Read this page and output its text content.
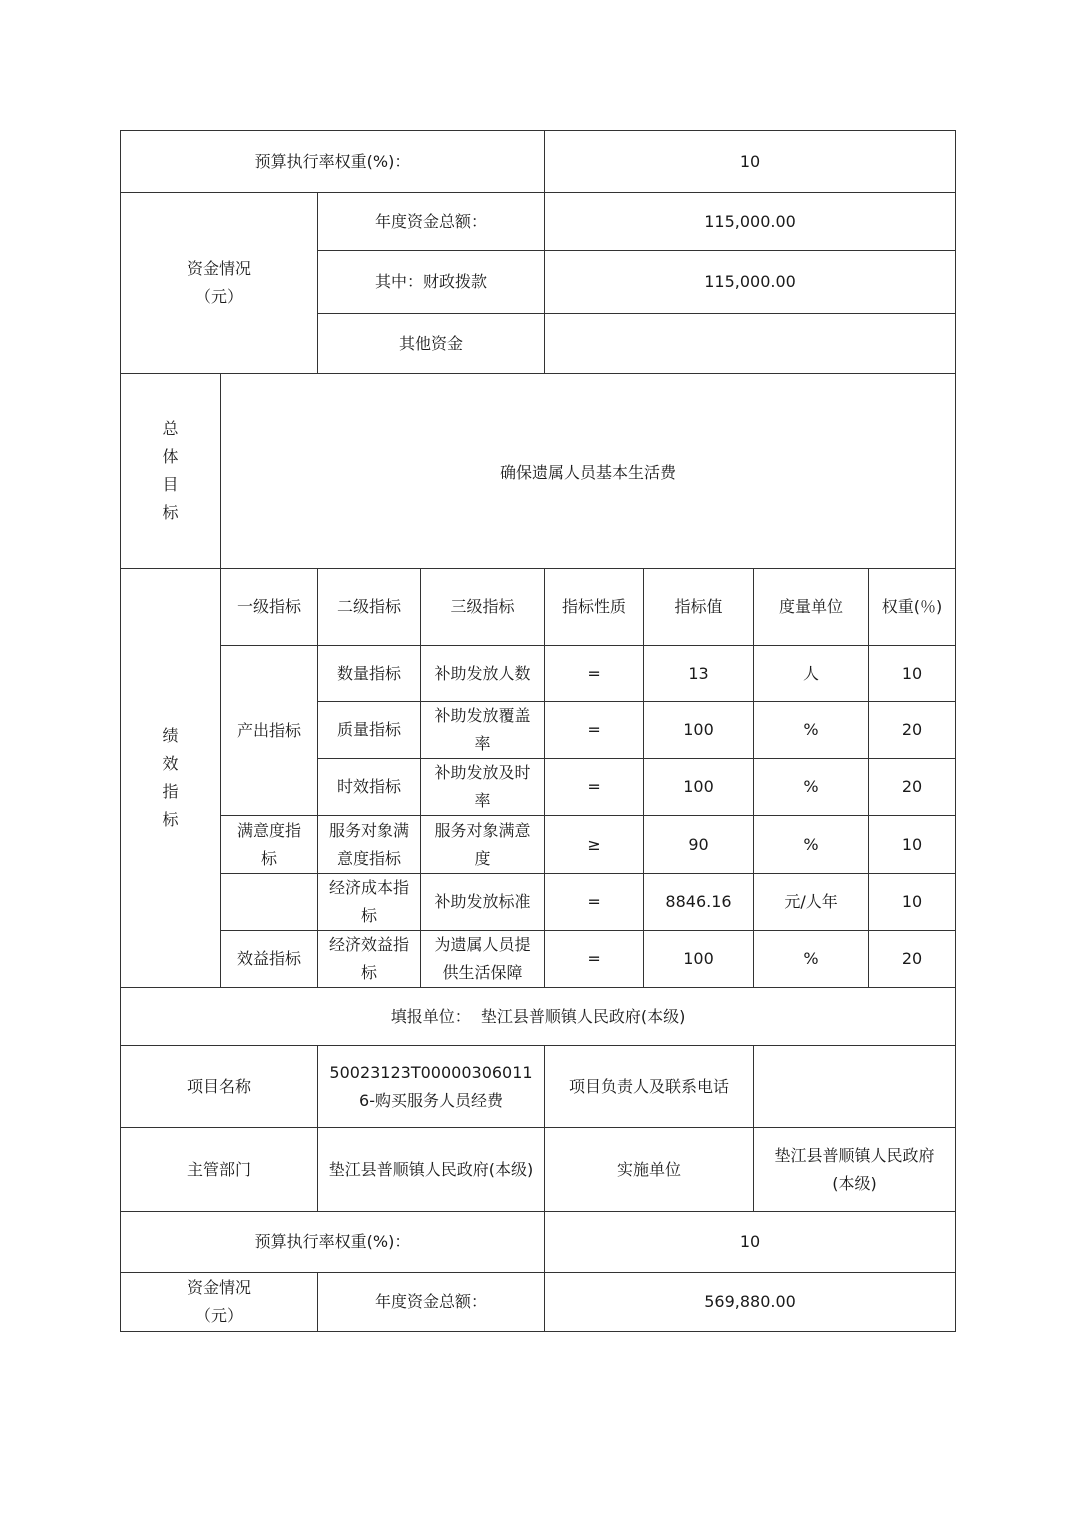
预算执行率权重(%)：				10			

资金情况
（元）		年度资金总额：		115,000.00			
		其中：财政拨款		115,000.00			
		其他资金					

总
体
目
标	确保遗属人员基本生活费						

绩
效
指
标	一级指标	二级指标	三级指标	指标性质	指标值	度量单位	权重(％)
	产出指标	数量指标	补助发放人数	=	13	人	10
		质量指标	补助发放覆盖率	=	100	%	20
		时效指标	补助发放及时率	=	100	%	20
	满意度指标	服务对象满意度指标	服务对象满意度	≥	90	%	10
		经济成本指标	补助发放标准	=	8846.16	元/人年	10
	效益指标	经济效益指标	为遗属人员提供生活保障	=	100	%	20
填报单位： 垫江县普顺镇人民政府(本级)							
项目名称		50023123T000003060116-购买服务人员经费		项目负责人及联系电话			
主管部门		垫江县普顺镇人民政府(本级)		实施单位		垫江县普顺镇人民政府(本级)	
预算执行率权重(%)：				10			

资金情况
（元）		年度资金总额：		569,880.00			
